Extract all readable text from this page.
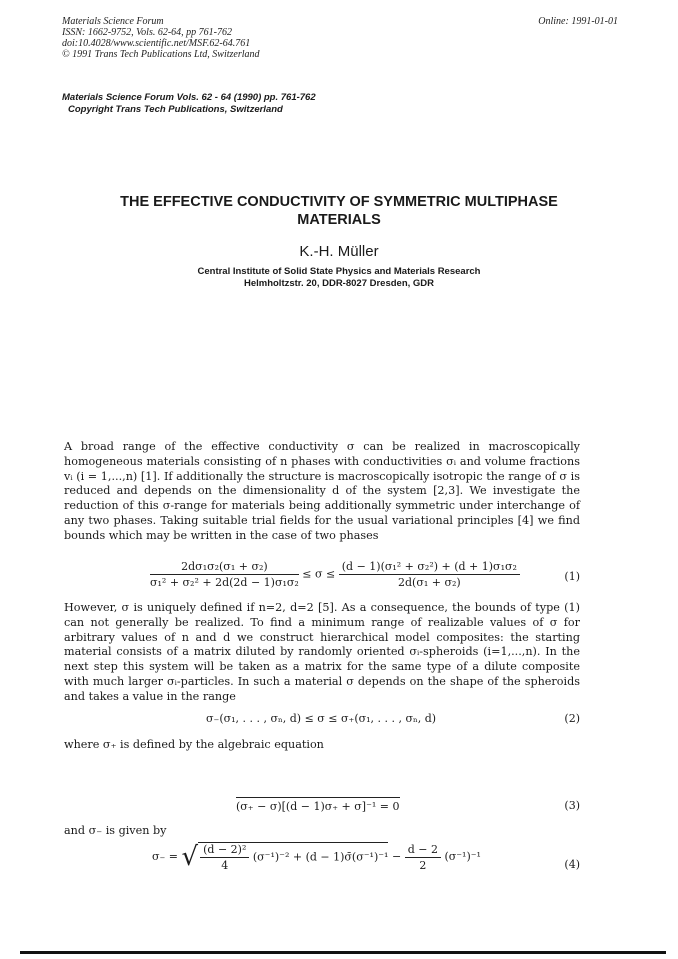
Materials Science Forum
ISSN: 1662-9752, Vols. 62-64, pp 761-762
doi:10.4028/www.scientific.net/MSF.62-64.761
© 1991 Trans Tech Publications Ltd, Switzerland
Online: 1991-01-01
Materials Science Forum Vols. 62 - 64 (1990) pp. 761-762
Copyright Trans Tech Publications, Switzerland
THE EFFECTIVE CONDUCTIVITY OF SYMMETRIC MULTIPHASE
MATERIALS
K.-H. Müller
Central Institute of Solid State Physics and Materials Research
Helmholtzstr. 20, DDR-8027 Dresden, GDR
A broad range of the effective conductivity σ can be realized in macroscopically homogeneous materials consisting of n phases with conductivities σᵢ and volume fractions vᵢ (i = 1,...,n) [1]. If additionally the structure is macroscopically isotropic the range of σ is reduced and depends on the dimensionality d of the system [2,3]. We investigate the reduction of this σ-range for materials being additionally symmetric under interchange of any two phases. Taking suitable trial fields for the usual variational principles [4] we find bounds which may be written in the case of two phases
$\frac{\text{2dσ₁σ₂(σ₁ + σ₂)}}{\text{σ₁² + σ₂² + 2d(2d − 1)σ₁σ₂}} \le \sigma \le \frac{\text{(d − 1)(σ₁² + σ₂²) + (d + 1)σ₁σ₂}}{\text{2d(σ₁ + σ₂)}}$	(1)
However, σ is uniquely defined if n=2, d=2 [5]. As a consequence, the bounds of type (1) can not generally be realized. To find a minimum range of realizable values of σ for arbitrary values of n and d we construct hierarchical model composites: the starting material consists of a matrix diluted by randomly oriented σᵢ-spheroids (i=1,...,n). In the next step this system will be taken as a matrix for the same type of a dilute composite with much larger σᵢ-particles. In such a material σ depends on the shape of the spheroids and takes a value in the range
σ₋(σ₁, . . . , σₙ, d) ≤ σ ≤ σ₊(σ₁, . . . , σₙ, d)	(2)
where σ₊ is defined by the algebraic equation
(σ₊ − σ)[(d − 1)σ₊ + σ]⁻¹ = 0	(3)
and σ₋ is given by
σ₋ = √ $\frac{\text{(d − 2)²}}{4} (\sigma^{-1})^{-2} + (d$ − 1)σ̄(σ⁻¹)⁻¹ − $\frac{d - 2}{2} (\sigma^{-1})^{-1}$
(4)
